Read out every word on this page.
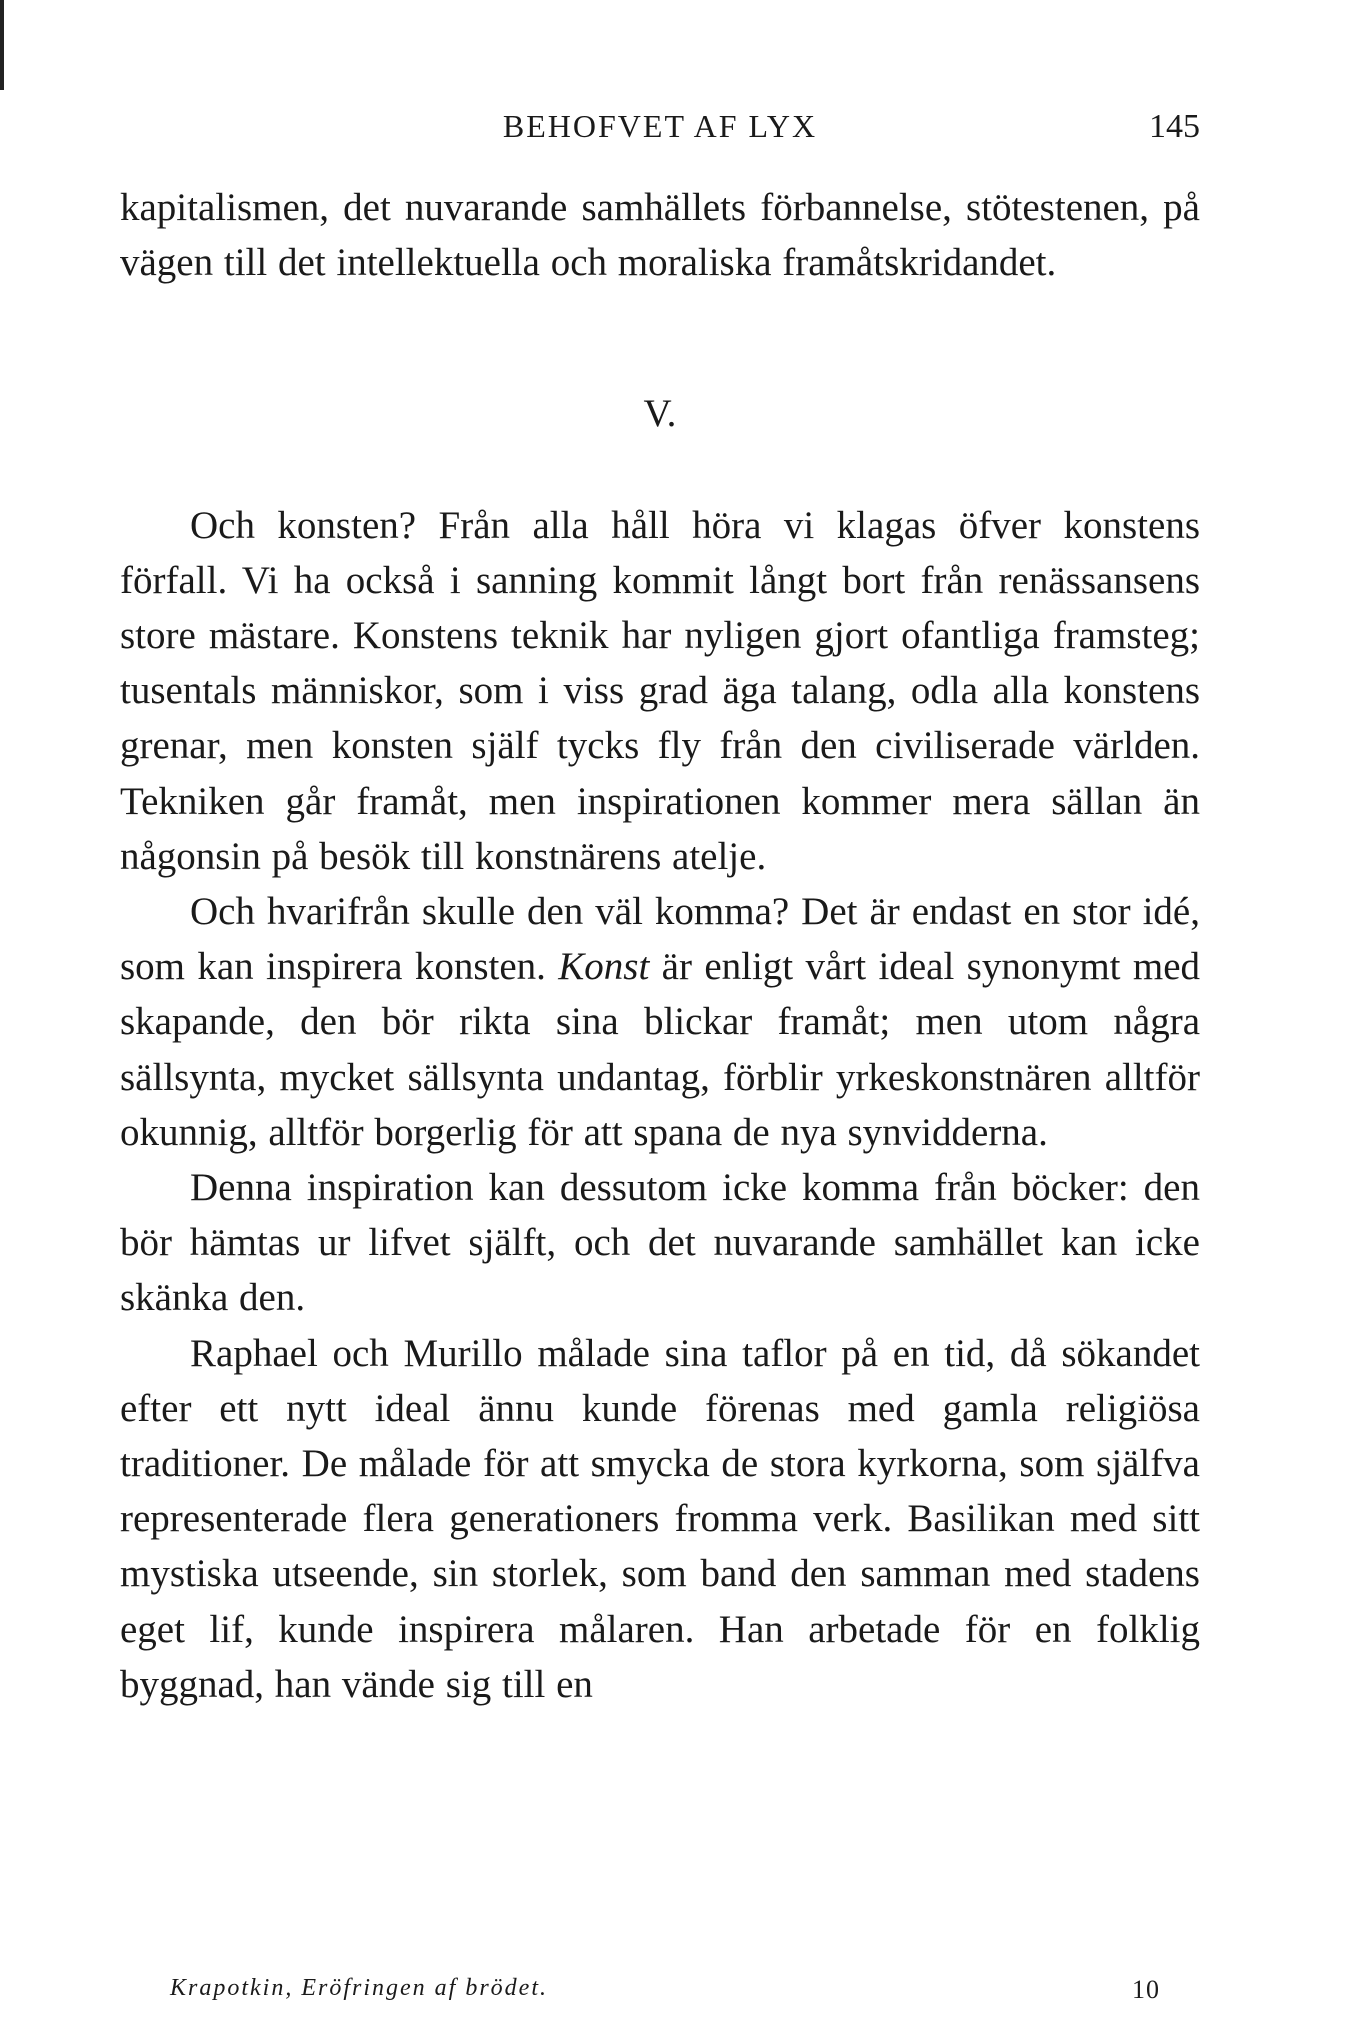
BEHOFVET AF LYX	145

kapitalismen, det nuvarande samhällets förbannelse, stötestenen, på vägen till det intellektuella och moraliska framåtskridandet.

V.

Och konsten? Från alla håll höra vi klagas öfver konstens förfall. Vi ha också i sanning kommit långt bort från renässansens store mästare. Konstens teknik har nyligen gjort ofantliga framsteg; tusentals människor, som i viss grad äga talang, odla alla konstens grenar, men konsten själf tycks fly från den civiliserade världen. Tekniken går framåt, men inspirationen kommer mera sällan än någonsin på besök till konstnärens atelje.

Och hvarifrån skulle den väl komma? Det är endast en stor idé, som kan inspirera konsten. Konst är enligt vårt ideal synonymt med skapande, den bör rikta sina blickar framåt; men utom några sällsynta, mycket sällsynta undantag, förblir yrkeskonstnären alltför okunnig, alltför borgerlig för att spana de nya synvidderna.

Denna inspiration kan dessutom icke komma från böcker: den bör hämtas ur lifvet själft, och det nuvarande samhället kan icke skänka den.

Raphael och Murillo målade sina taflor på en tid, då sökandet efter ett nytt ideal ännu kunde förenas med gamla religiösa traditioner. De målade för att smycka de stora kyrkorna, som själfva representerade flera generationers fromma verk. Basilikan med sitt mystiska utseende, sin storlek, som band den samman med stadens eget lif, kunde inspirera målaren. Han arbetade för en folklig byggnad, han vände sig till en

Krapotkin, Eröfringen af brödet.	10
